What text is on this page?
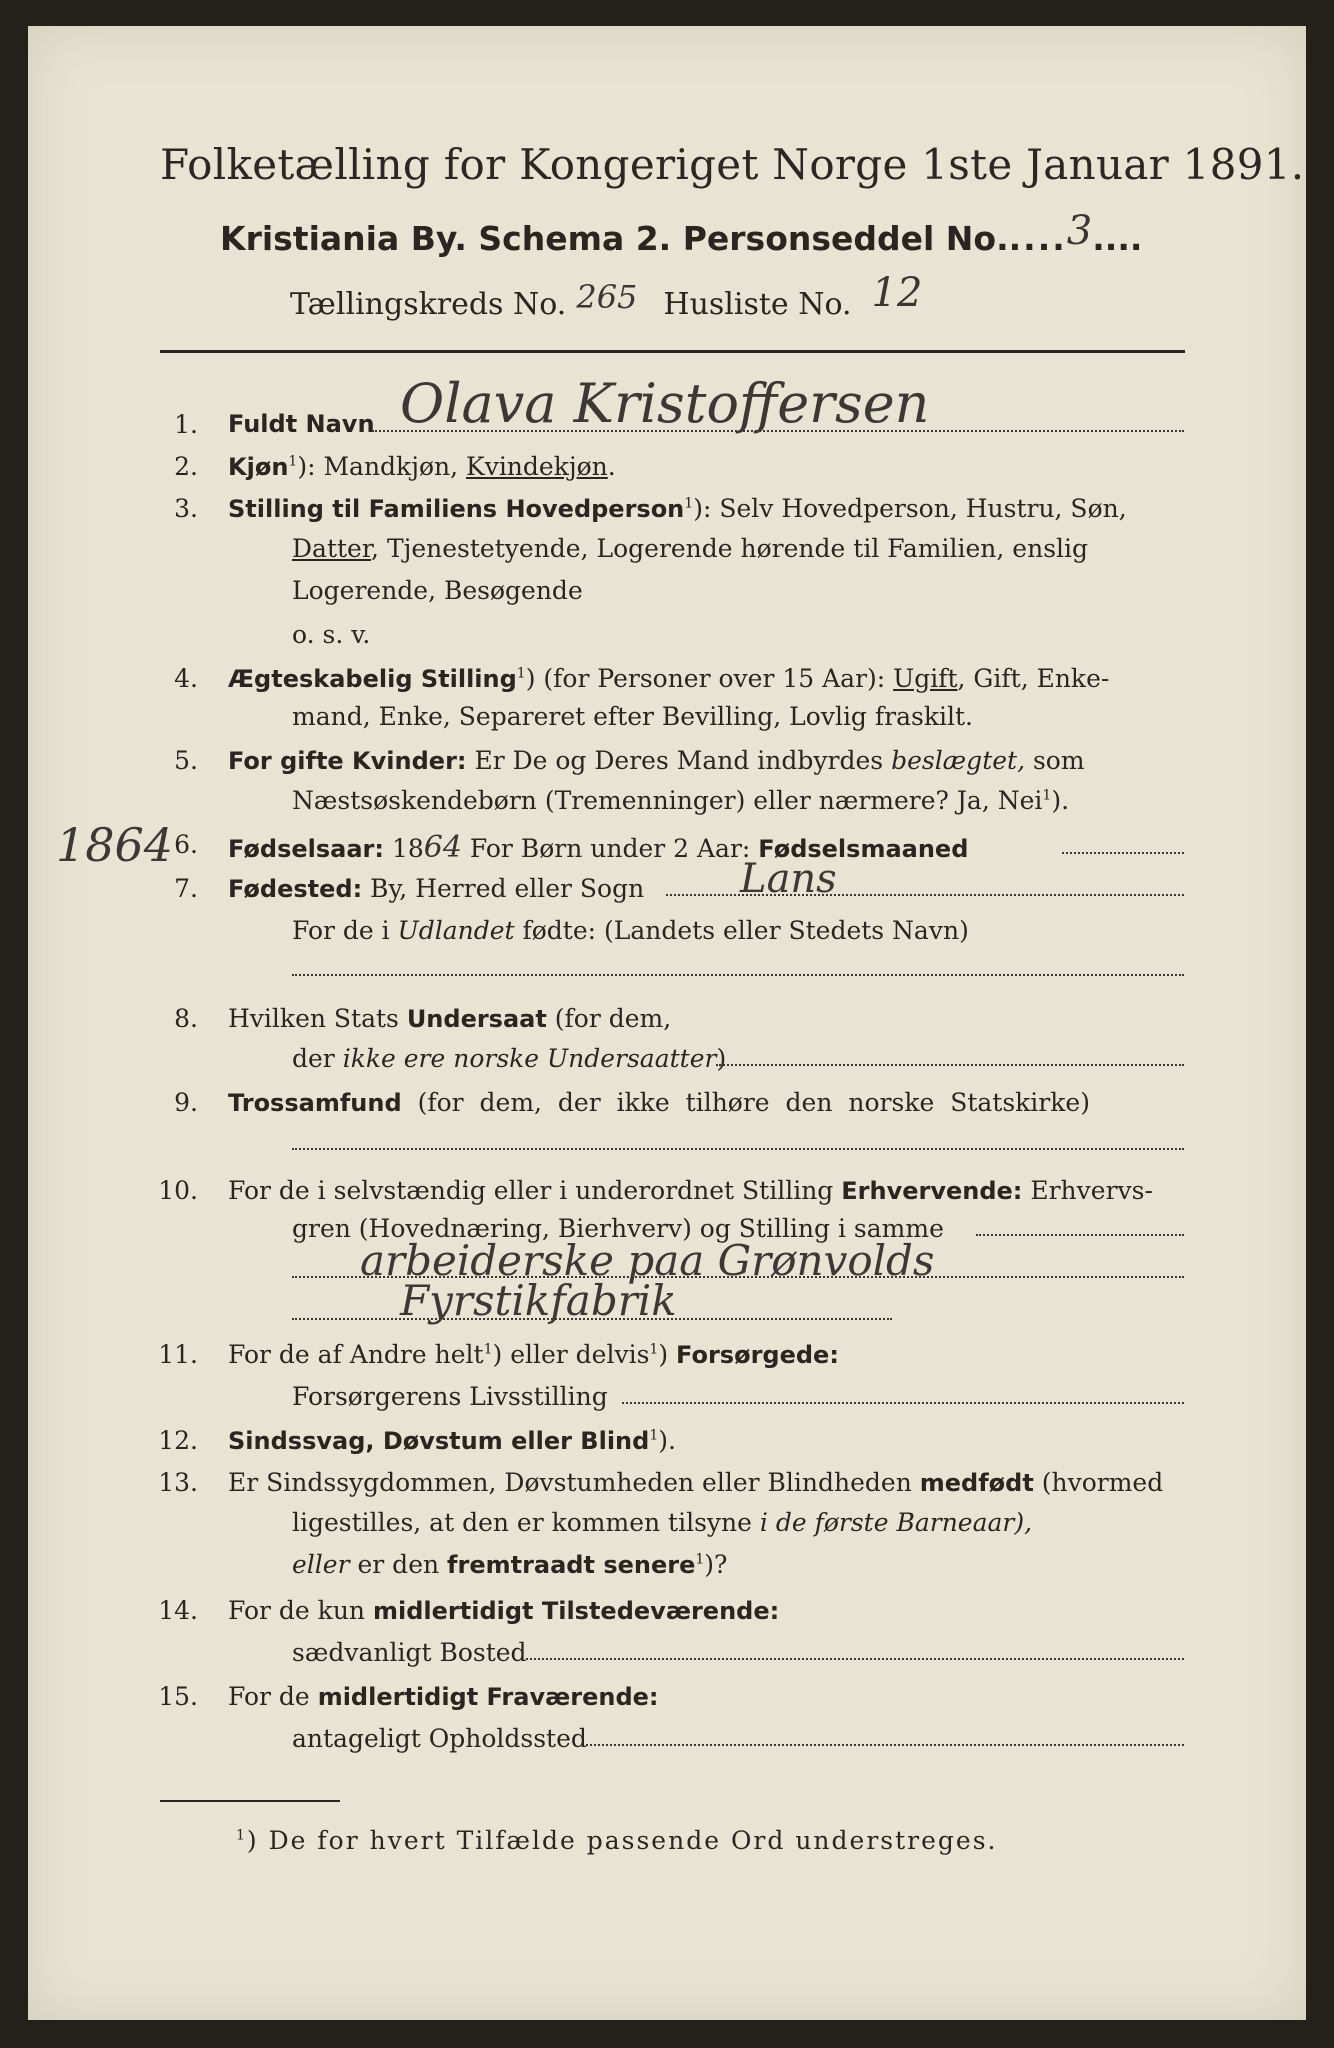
Folketælling for Kongeriget Norge 1ste Januar 1891.
Kristiania By. Schema 2. Personseddel No.....3....
Tællingskreds No. 265 Husliste No. 12
1864
1. Fuldt Navn Olava Kristoffersen
2. Kjøn$^1$): Mandkjøn, Kvindekjøn.
3. Stilling til Familiens Hovedperson$^1$): Selv Hovedperson, Hustru, Søn,
Datter, Tjenestetyende, Logerende hørende til Familien, enslig
Logerende, Besøgende
o. s. v.
4. Ægteskabelig Stilling$^1$) (for Personer over 15 Aar): Ugift, Gift, Enke-
mand, Enke, Separeret efter Bevilling, Lovlig fraskilt.
5. For gifte Kvinder: Er De og Deres Mand indbyrdes beslægtet, som
Næstsøskendebørn (Tremenninger) eller nærmere? Ja, Nei$^1$).
6. Fødselsaar: 1864 For Børn under 2 Aar: Fødselsmaaned
7. Fødested: By, Herred eller Sogn Lans
For de i Udlandet fødte: (Landets eller Stedets Navn)
8. Hvilken Stats Undersaat (for dem,
der ikke ere norske Undersaatter)
9. Trossamfund (for dem, der ikke tilhøre den norske Statskirke)
10. For de i selvstændig eller i underordnet Stilling Erhvervende: Erhvervs-
gren (Hovednæring, Bierhverv) og Stilling i samme
arbeiderske paa Grønvolds
Fyrstikfabrik
11. For de af Andre helt$^1$) eller delvis$^1$) Forsørgede:
Forsørgerens Livsstilling
12. Sindssvag, Døvstum eller Blind$^1$).
13. Er Sindssygdommen, Døvstumheden eller Blindheden medfødt (hvormed
ligestilles, at den er kommen tilsyne i de første Barneaar),
eller er den fremtraadt senere$^1$)?
14. For de kun midlertidigt Tilstedeværende:
sædvanligt Bosted
15. For de midlertidigt Fraværende:
antageligt Opholdssted
$^1$) De for hvert Tilfælde passende Ord understreges.
